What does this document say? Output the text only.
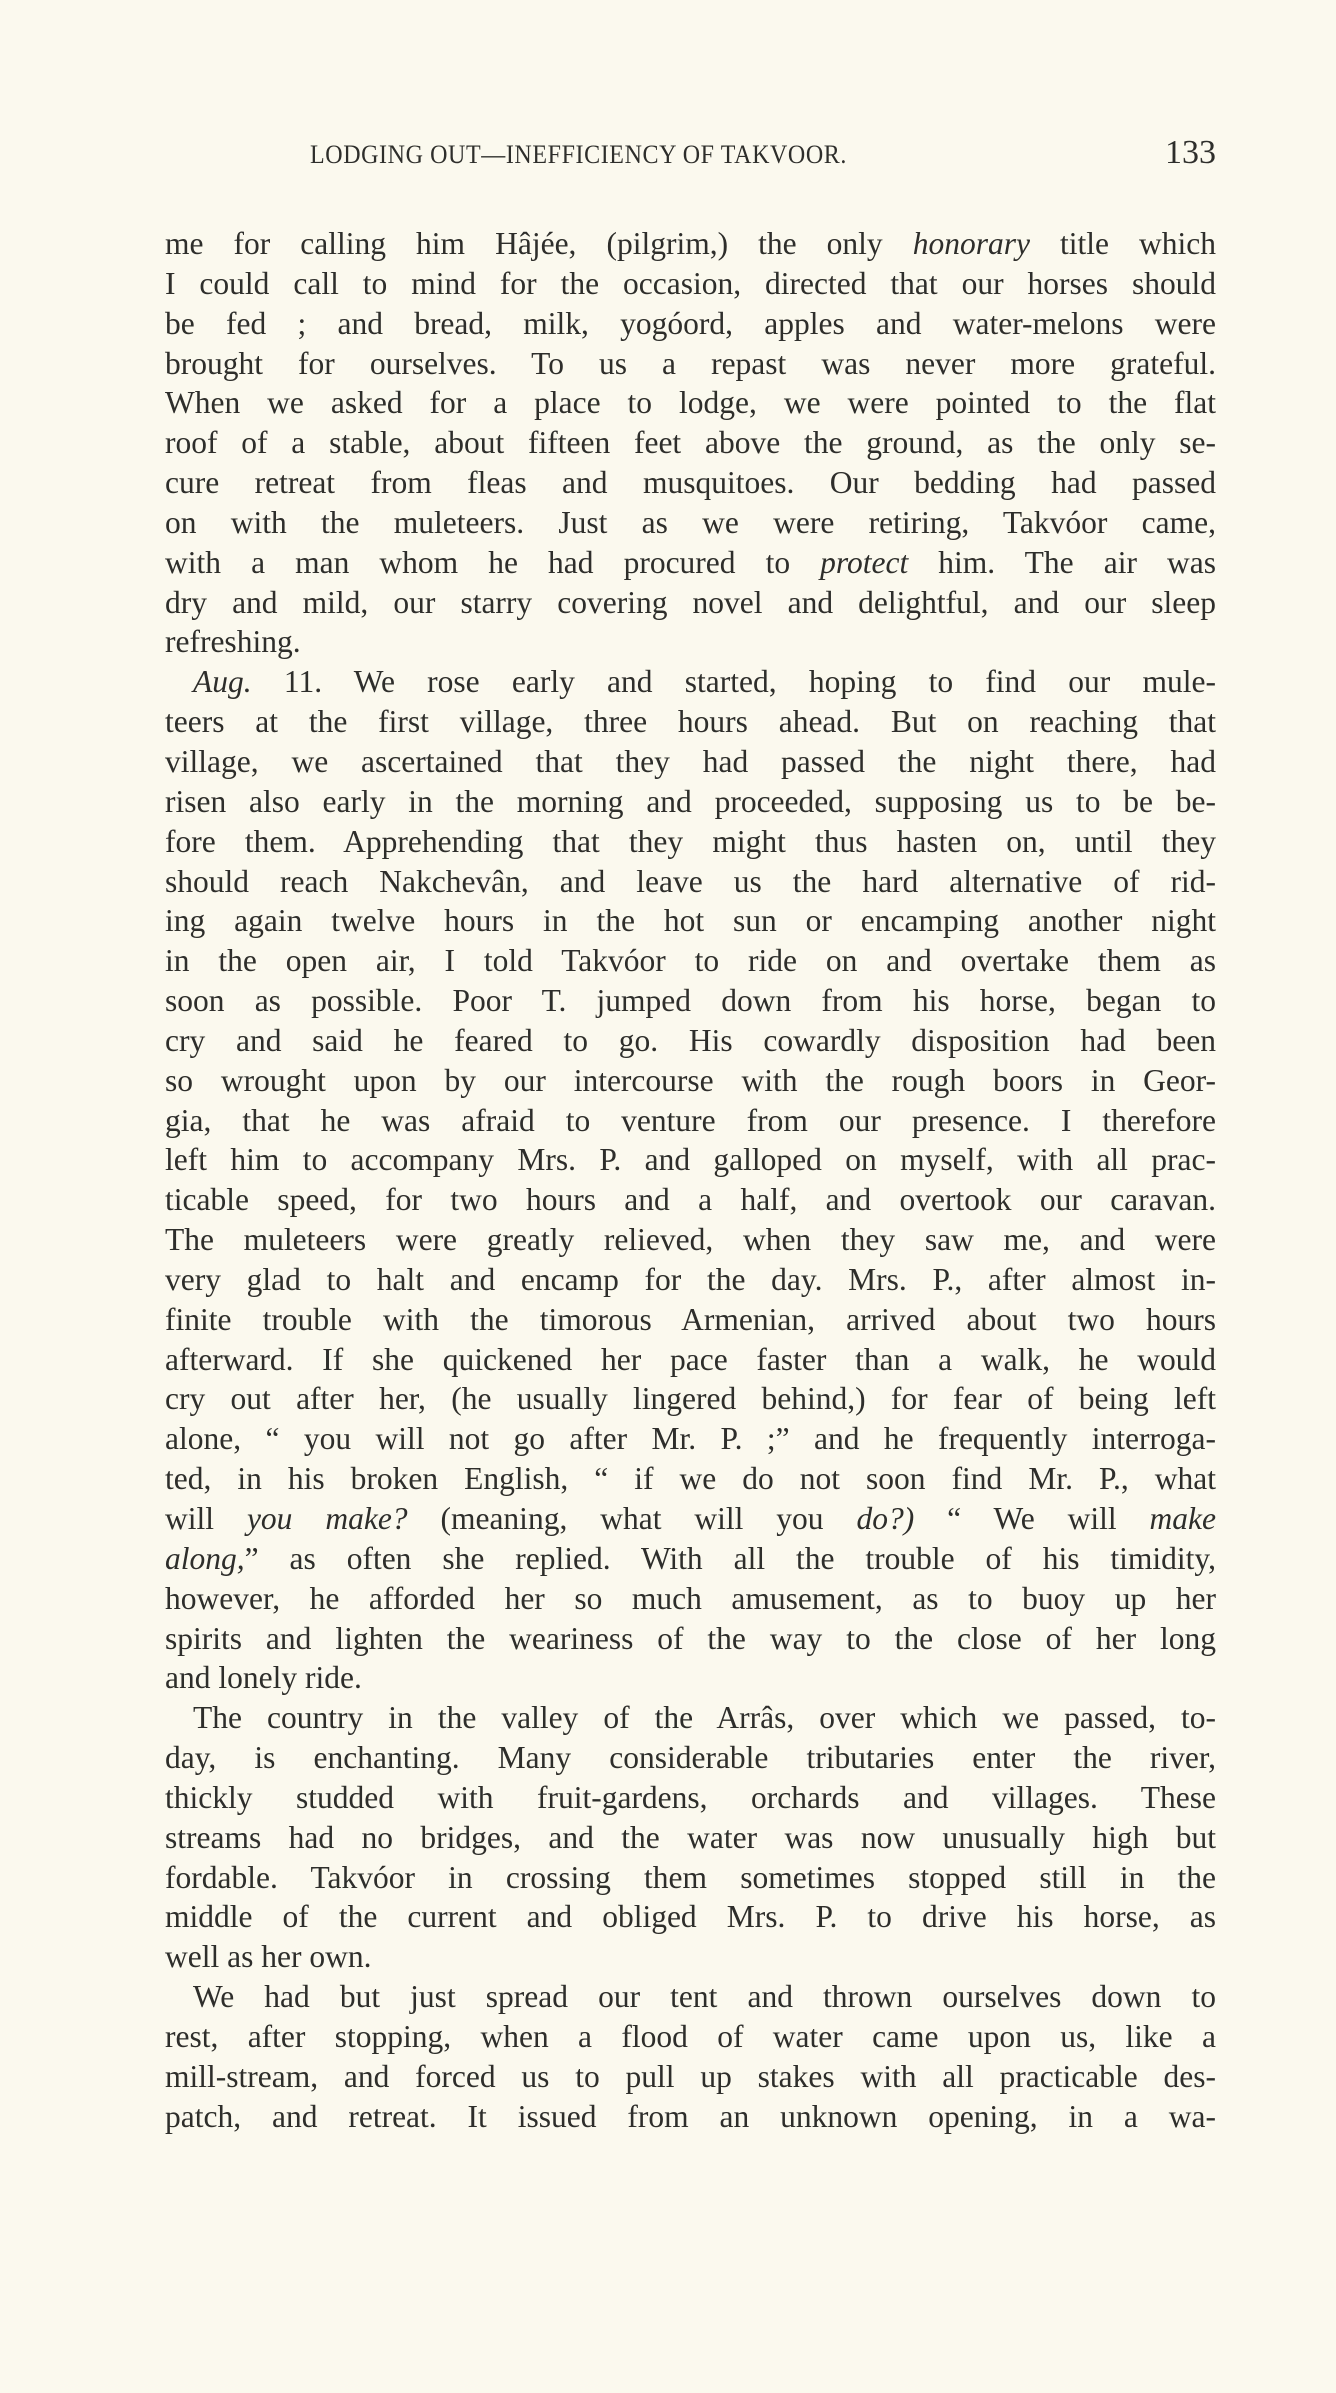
LODGING OUT—INEFFICIENCY OF TAKVOOR.	133
me for calling him Hâjée, (pilgrim,) the only honorary title which
I could call to mind for the occasion, directed that our horses should
be fed ; and bread, milk, yogóord, apples and water-melons were
brought for ourselves. To us a repast was never more grateful.
When we asked for a place to lodge, we were pointed to the flat
roof of a stable, about fifteen feet above the ground, as the only se-
cure retreat from fleas and musquitoes. Our bedding had passed
on with the muleteers. Just as we were retiring, Takvóor came,
with a man whom he had procured to protect him. The air was
dry and mild, our starry covering novel and delightful, and our sleep
refreshing.
Aug. 11. We rose early and started, hoping to find our mule-
teers at the first village, three hours ahead. But on reaching that
village, we ascertained that they had passed the night there, had
risen also early in the morning and proceeded, supposing us to be be-
fore them. Apprehending that they might thus hasten on, until they
should reach Nakchevân, and leave us the hard alternative of rid-
ing again twelve hours in the hot sun or encamping another night
in the open air, I told Takvóor to ride on and overtake them as
soon as possible. Poor T. jumped down from his horse, began to
cry and said he feared to go. His cowardly disposition had been
so wrought upon by our intercourse with the rough boors in Geor-
gia, that he was afraid to venture from our presence. I therefore
left him to accompany Mrs. P. and galloped on myself, with all prac-
ticable speed, for two hours and a half, and overtook our caravan.
The muleteers were greatly relieved, when they saw me, and were
very glad to halt and encamp for the day. Mrs. P., after almost in-
finite trouble with the timorous Armenian, arrived about two hours
afterward. If she quickened her pace faster than a walk, he would
cry out after her, (he usually lingered behind,) for fear of being left
alone, “ you will not go after Mr. P. ;” and he frequently interroga-
ted, in his broken English, “ if we do not soon find Mr. P., what
will you make? (meaning, what will you do?) “ We will make
along,” as often she replied. With all the trouble of his timidity,
however, he afforded her so much amusement, as to buoy up her
spirits and lighten the weariness of the way to the close of her long
and lonely ride.
The country in the valley of the Arrâs, over which we passed, to-
day, is enchanting. Many considerable tributaries enter the river,
thickly studded with fruit-gardens, orchards and villages. These
streams had no bridges, and the water was now unusually high but
fordable. Takvóor in crossing them sometimes stopped still in the
middle of the current and obliged Mrs. P. to drive his horse, as
well as her own.
We had but just spread our tent and thrown ourselves down to
rest, after stopping, when a flood of water came upon us, like a
mill-stream, and forced us to pull up stakes with all practicable des-
patch, and retreat. It issued from an unknown opening, in a wa-
